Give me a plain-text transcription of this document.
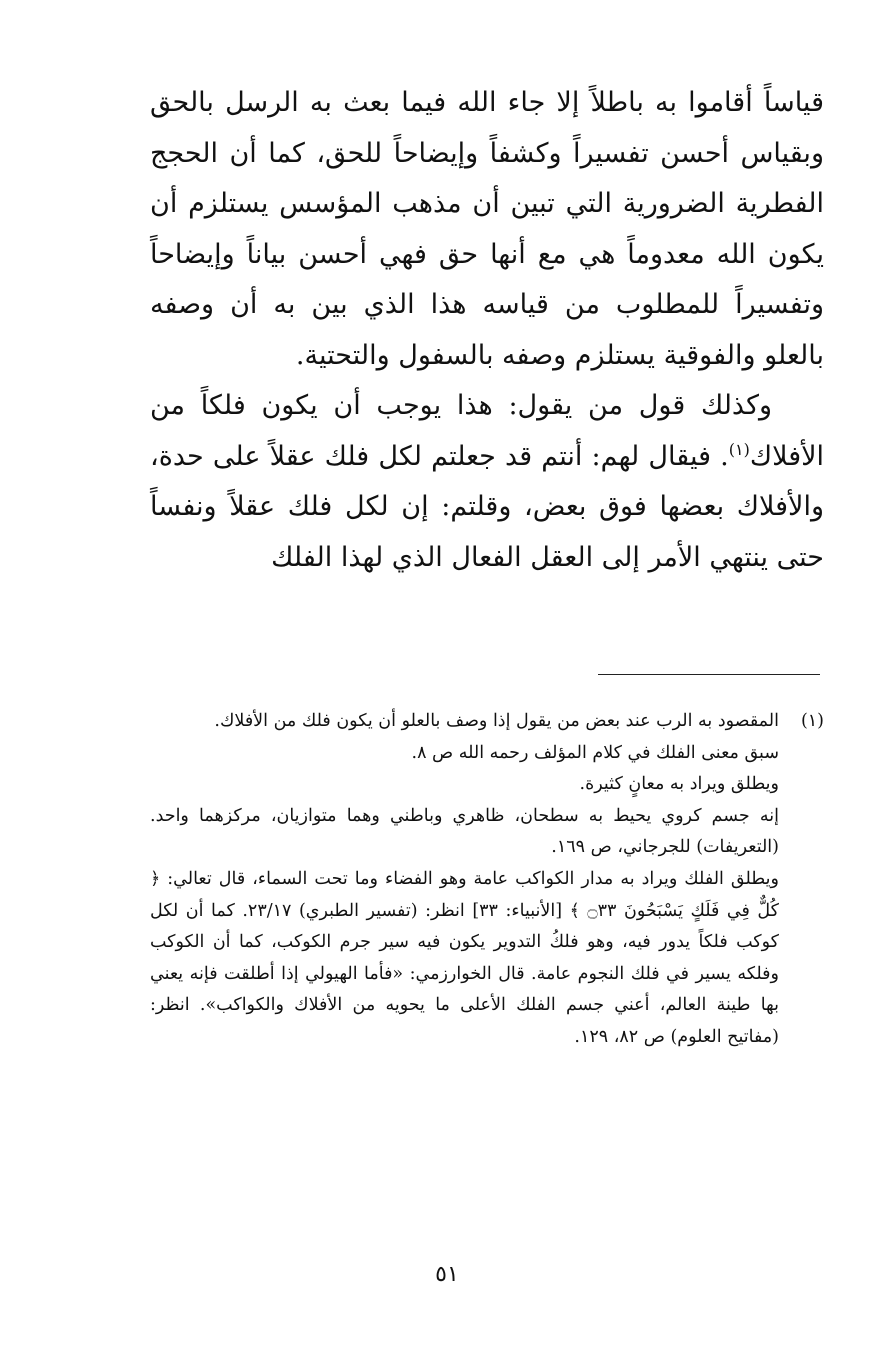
قياساً أقاموا به باطلاً إلا جاء الله فيما بعث به الرسل بالحق وبقياس أحسن تفسيراً وكشفاً وإيضاحاً للحق، كما أن الحجج الفطرية الضرورية التي تبين أن مذهب المؤسس يستلزم أن يكون الله معدوماً هي مع أنها حق فهي أحسن بياناً وإيضاحاً وتفسيراً للمطلوب من قياسه هذا الذي بين به أن وصفه بالعلو والفوقية يستلزم وصفه بالسفول والتحتية.

وكذلك قول من يقول: هذا يوجب أن يكون فلكاً من الأفلاك$^{(١)}$. فيقال لهم: أنتم قد جعلتم لكل فلك عقلاً على حدة، والأفلاك بعضها فوق بعض، وقلتم: إن لكل فلك عقلاً ونفساً حتى ينتهي الأمر إلى العقل الفعال الذي لهذا الفلك

(١)

المقصود به الرب عند بعض من يقول إذا وصف بالعلو أن يكون فلك من الأفلاك.

سبق معنى الفلك في كلام المؤلف رحمه الله ص ٨.

ويطلق ويراد به معانٍ كثيرة.

إنه جسم كروي يحيط به سطحان، ظاهري وباطني وهما متوازيان، مركزهما واحد. (التعريفات) للجرجاني، ص ١٦٩.

ويطلق الفلك ويراد به مدار الكواكب عامة وهو الفضاء وما تحت السماء، قال تعالي: ﴿ كُلٌّ فِي فَلَكٍ يَسْبَحُونَ ۝٣٣ ﴾ [الأنبياء: ٣٣] انظر: (تفسير الطبري) ٢٣/١٧. كما أن لكل كوكب فلكاً يدور فيه، وهو فلكُ التدوير يكون فيه سير جرم الكوكب، كما أن الكوكب وفلكه يسير في فلك النجوم عامة. قال الخوارزمي: «فأما الهيولي إذا أطلقت فإنه يعني بها طينة العالم، أعني جسم الفلك الأعلى ما يحويه من الأفلاك والكواكب». انظر: (مفاتيح العلوم) ص ٨٢، ١٢٩.

٥١
